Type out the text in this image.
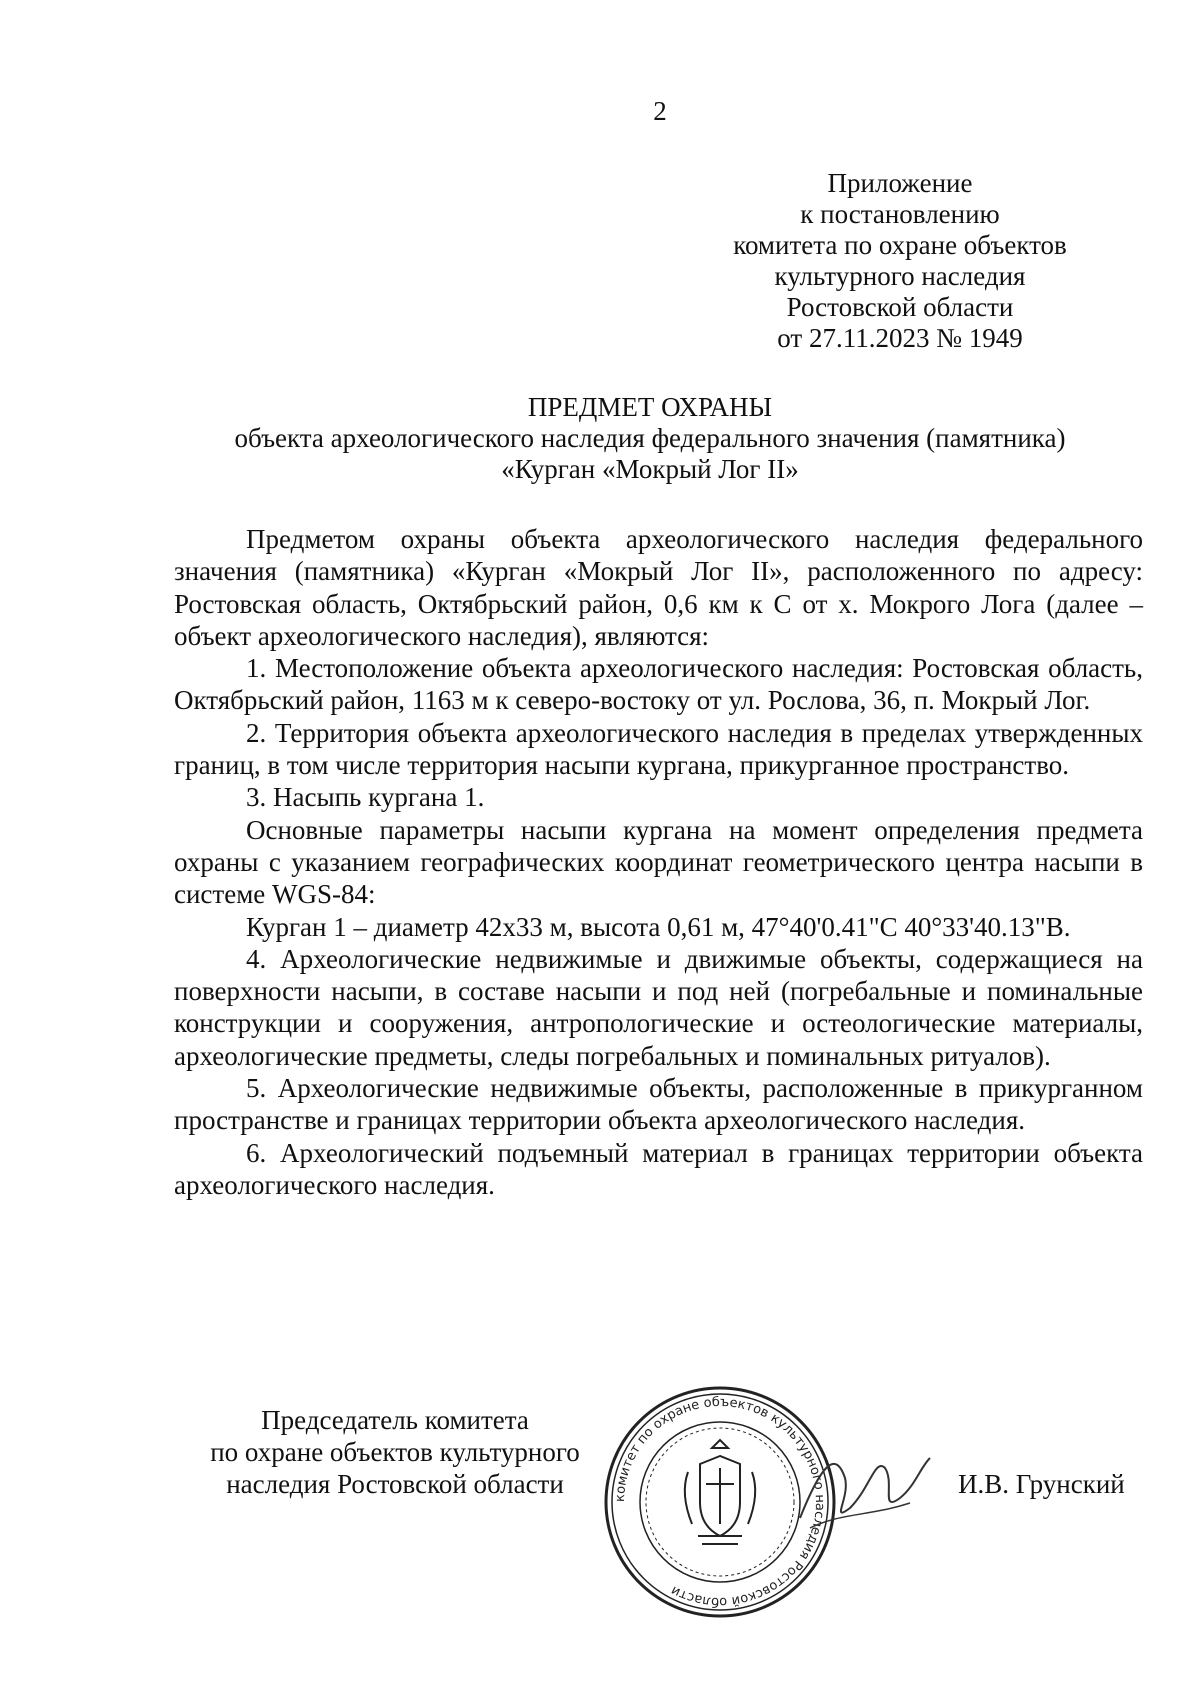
2
Приложение
к постановлению
комитета по охране объектов
культурного наследия
Ростовской области
от 27.11.2023 № 1949
ПРЕДМЕТ ОХРАНЫ
объекта археологического наследия федерального значения (памятника)
«Курган «Мокрый Лог II»

Предметом охраны объекта археологического наследия федерального значения (памятника) «Курган «Мокрый Лог II», расположенного по адресу: Ростовская область, Октябрьский район, 0,6 км к С от х. Мокрого Лога (далее – объект археологического наследия), являются:

1. Местоположение объекта археологического наследия: Ростовская область, Октябрьский район, 1163 м к северо-востоку от ул. Рослова, 36, п. Мокрый Лог.

2. Территория объекта археологического наследия в пределах утвержденных границ, в том числе территория насыпи кургана, прикурганное пространство.

3. Насыпь кургана 1.

Основные параметры насыпи кургана на момент определения предмета охраны с указанием географических координат геометрического центра насыпи в системе WGS-84:

Курган 1 – диаметр 42х33 м, высота 0,61 м, 47°40'0.41"С 40°33'40.13"В.

4. Археологические недвижимые и движимые объекты, содержащиеся на поверхности насыпи, в составе насыпи и под ней (погребальные и поминальные конструкции и сооружения, антропологические и остеологические материалы, археологические предметы, следы погребальных и поминальных ритуалов).

5. Археологические недвижимые объекты, расположенные в прикурганном пространстве и границах территории объекта археологического наследия.

6. Археологический подъемный материал в границах территории объекта археологического наследия.

Председатель комитета
по охране объектов культурного
наследия Ростовской области	комитет по охране объектов культурного наследия Ростовской области
И.В. Грунский
